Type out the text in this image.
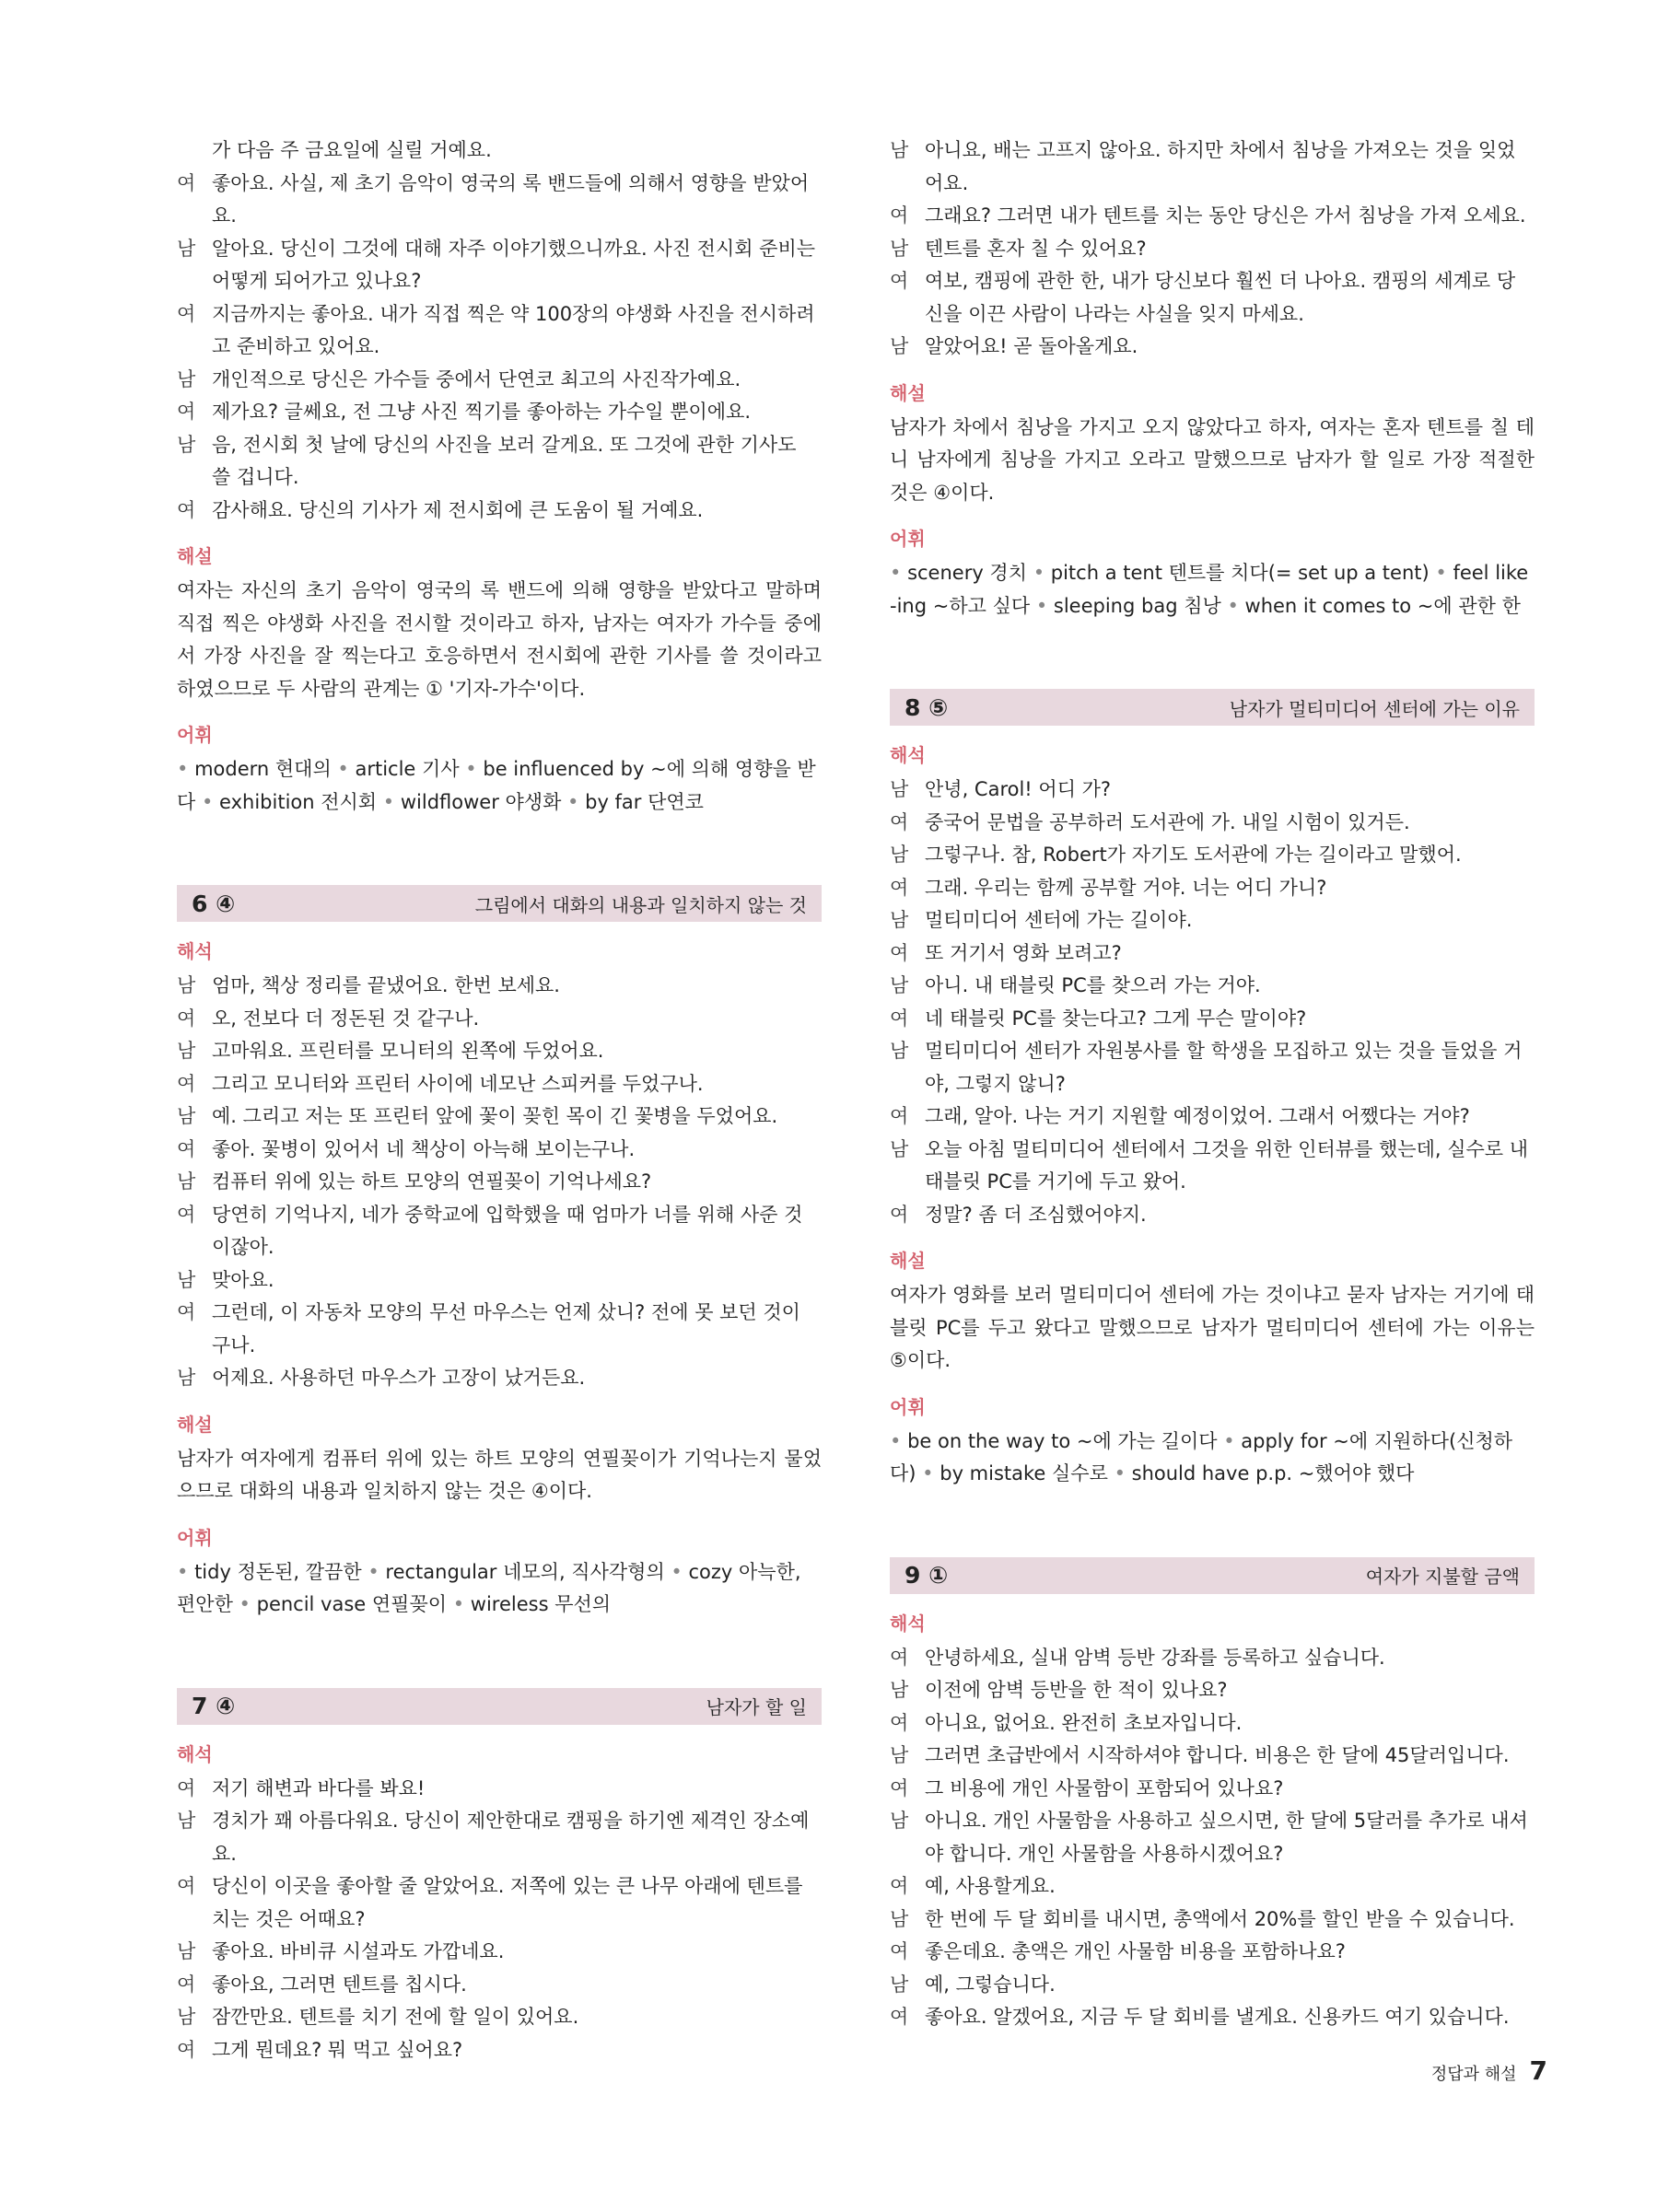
가 다음 주 금요일에 실릴 거예요.
여 좋아요. 사실, 제 초기 음악이 영국의 록 밴드들에 의해서 영향을 받았어요.
남 알아요. 당신이 그것에 대해 자주 이야기했으니까요. 사진 전시회 준비는
어떻게 되어가고 있나요?
여 지금까지는 좋아요. 내가 직접 찍은 약 100장의 야생화 사진을 전시하려
고 준비하고 있어요.
남 개인적으로 당신은 가수들 중에서 단연코 최고의 사진작가예요.
여 제가요? 글쎄요, 전 그냥 사진 찍기를 좋아하는 가수일 뿐이에요.
남 음, 전시회 첫 날에 당신의 사진을 보러 갈게요. 또 그것에 관한 기사도
쓸 겁니다.
여 감사해요. 당신의 기사가 제 전시회에 큰 도움이 될 거예요.
해설
여자는 자신의 초기 음악이 영국의 록 밴드에 의해 영향을 받았다고 말하며 직접 찍은 야생화 사진을 전시할 것이라고 하자, 남자는 여자가 가수들 중에서 가장 사진을 잘 찍는다고 호응하면서 전시회에 관한 기사를 쓸 것이라고 하였으므로 두 사람의 관계는 ① '기자-가수'이다.
어휘
• modern 현대의 • article 기사 • be influenced by ~에 의해 영향을 받다 • exhibition 전시회 • wildflower 야생화 • by far 단연코
6 ④	그림에서 대화의 내용과 일치하지 않는 것
해석
남 엄마, 책상 정리를 끝냈어요. 한번 보세요.
여 오, 전보다 더 정돈된 것 같구나.
남 고마워요. 프린터를 모니터의 왼쪽에 두었어요.
여 그리고 모니터와 프린터 사이에 네모난 스피커를 두었구나.
남 예. 그리고 저는 또 프린터 앞에 꽃이 꽂힌 목이 긴 꽃병을 두었어요.
여 좋아. 꽃병이 있어서 네 책상이 아늑해 보이는구나.
남 컴퓨터 위에 있는 하트 모양의 연필꽂이 기억나세요?
여 당연히 기억나지, 네가 중학교에 입학했을 때 엄마가 너를 위해 사준 것
이잖아.
남 맞아요.
여 그런데, 이 자동차 모양의 무선 마우스는 언제 샀니? 전에 못 보던 것이
구나.
남 어제요. 사용하던 마우스가 고장이 났거든요.
해설
남자가 여자에게 컴퓨터 위에 있는 하트 모양의 연필꽂이가 기억나는지 물었으므로 대화의 내용과 일치하지 않는 것은 ④이다.
어휘
• tidy 정돈된, 깔끔한 • rectangular 네모의, 직사각형의 • cozy 아늑한, 편안한 • pencil vase 연필꽂이 • wireless 무선의
7 ④	남자가 할 일
해석
여 저기 해변과 바다를 봐요!
남 경치가 꽤 아름다워요. 당신이 제안한대로 캠핑을 하기엔 제격인 장소예요.
여 당신이 이곳을 좋아할 줄 알았어요. 저쪽에 있는 큰 나무 아래에 텐트를
치는 것은 어때요?
남 좋아요. 바비큐 시설과도 가깝네요.
여 좋아요, 그러면 텐트를 칩시다.
남 잠깐만요. 텐트를 치기 전에 할 일이 있어요.
여 그게 뭔데요? 뭐 먹고 싶어요?
남 아니요, 배는 고프지 않아요. 하지만 차에서 침낭을 가져오는 것을 잊었
어요.
여 그래요? 그러면 내가 텐트를 치는 동안 당신은 가서 침낭을 가져 오세요.
남 텐트를 혼자 칠 수 있어요?
여 여보, 캠핑에 관한 한, 내가 당신보다 훨씬 더 나아요. 캠핑의 세계로 당
신을 이끈 사람이 나라는 사실을 잊지 마세요.
남 알았어요! 곧 돌아올게요.
해설
남자가 차에서 침낭을 가지고 오지 않았다고 하자, 여자는 혼자 텐트를 칠 테니 남자에게 침낭을 가지고 오라고 말했으므로 남자가 할 일로 가장 적절한 것은 ④이다.
어휘
• scenery 경치 • pitch a tent 텐트를 치다(= set up a tent) • feel like -ing ~하고 싶다 • sleeping bag 침낭 • when it comes to ~에 관한 한
8 ⑤	남자가 멀티미디어 센터에 가는 이유
해석
남 안녕, Carol! 어디 가?
여 중국어 문법을 공부하러 도서관에 가. 내일 시험이 있거든.
남 그렇구나. 참, Robert가 자기도 도서관에 가는 길이라고 말했어.
여 그래. 우리는 함께 공부할 거야. 너는 어디 가니?
남 멀티미디어 센터에 가는 길이야.
여 또 거기서 영화 보려고?
남 아니. 내 태블릿 PC를 찾으러 가는 거야.
여 네 태블릿 PC를 찾는다고? 그게 무슨 말이야?
남 멀티미디어 센터가 자원봉사를 할 학생을 모집하고 있는 것을 들었을 거
야, 그렇지 않니?
여 그래, 알아. 나는 거기 지원할 예정이었어. 그래서 어쨌다는 거야?
남 오늘 아침 멀티미디어 센터에서 그것을 위한 인터뷰를 했는데, 실수로 내
태블릿 PC를 거기에 두고 왔어.
여 정말? 좀 더 조심했어야지.
해설
여자가 영화를 보러 멀티미디어 센터에 가는 것이냐고 묻자 남자는 거기에 태블릿 PC를 두고 왔다고 말했으므로 남자가 멀티미디어 센터에 가는 이유는 ⑤이다.
어휘
• be on the way to ~에 가는 길이다 • apply for ~에 지원하다(신청하다) • by mistake 실수로 • should have p.p. ~했어야 했다
9 ①	여자가 지불할 금액
해석
여 안녕하세요, 실내 암벽 등반 강좌를 등록하고 싶습니다.
남 이전에 암벽 등반을 한 적이 있나요?
여 아니요, 없어요. 완전히 초보자입니다.
남 그러면 초급반에서 시작하셔야 합니다. 비용은 한 달에 45달러입니다.
여 그 비용에 개인 사물함이 포함되어 있나요?
남 아니요. 개인 사물함을 사용하고 싶으시면, 한 달에 5달러를 추가로 내셔
야 합니다. 개인 사물함을 사용하시겠어요?
여 예, 사용할게요.
남 한 번에 두 달 회비를 내시면, 총액에서 20%를 할인 받을 수 있습니다.
여 좋은데요. 총액은 개인 사물함 비용을 포함하나요?
남 예, 그렇습니다.
여 좋아요. 알겠어요, 지금 두 달 회비를 낼게요. 신용카드 여기 있습니다.
정답과 해설 7
